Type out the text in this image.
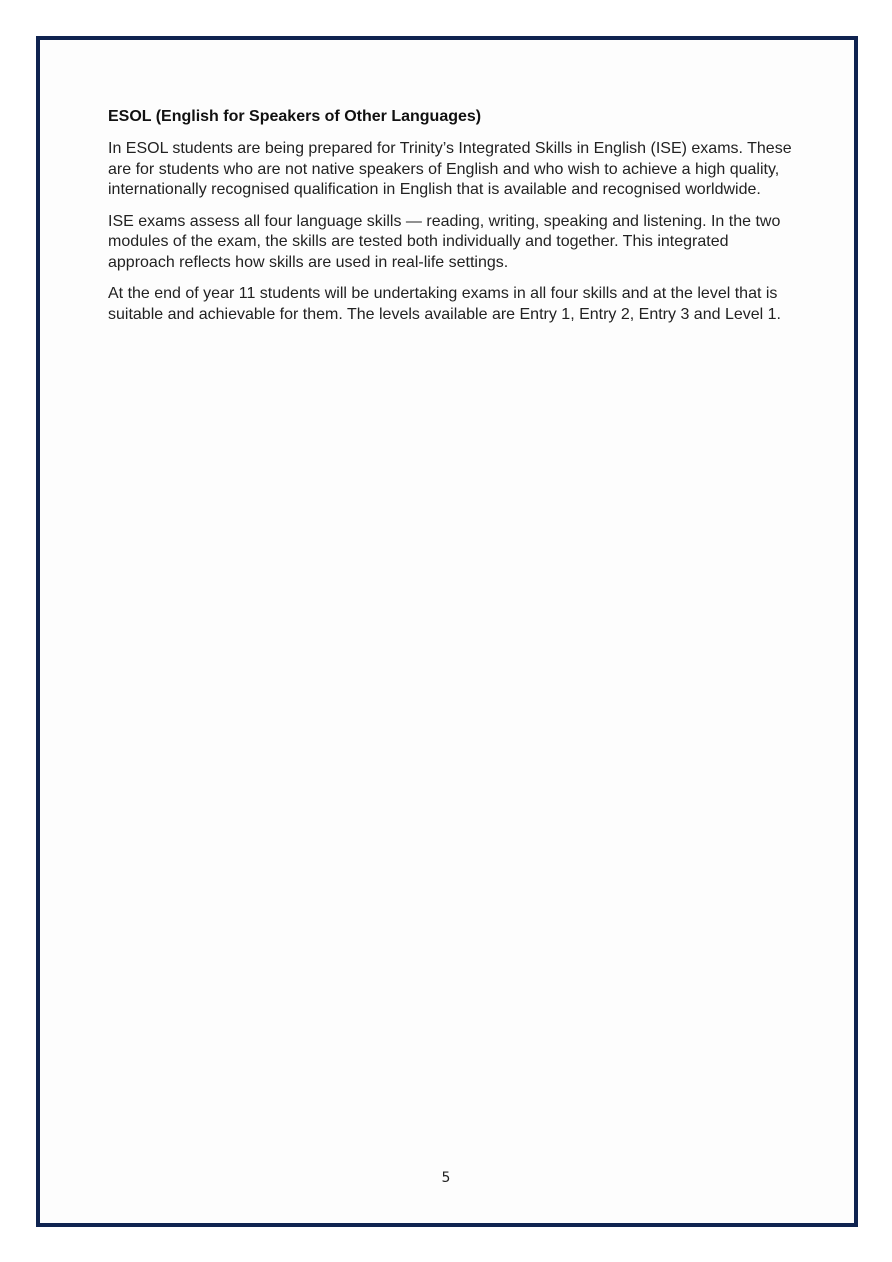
ESOL (English for Speakers of Other Languages)

In ESOL students are being prepared for Trinity’s Integrated Skills in English (ISE) exams. These are for students who are not native speakers of English and who wish to achieve a high quality, internationally recognised qualification in English that is available and recognised worldwide.

ISE exams assess all four language skills — reading, writing, speaking and listening. In the two modules of the exam, the skills are tested both individually and together. This integrated approach reflects how skills are used in real-life settings.

At the end of year 11 students will be undertaking exams in all four skills and at the level that is suitable and achievable for them. The levels available are Entry 1, Entry 2, Entry 3 and Level 1.

5
